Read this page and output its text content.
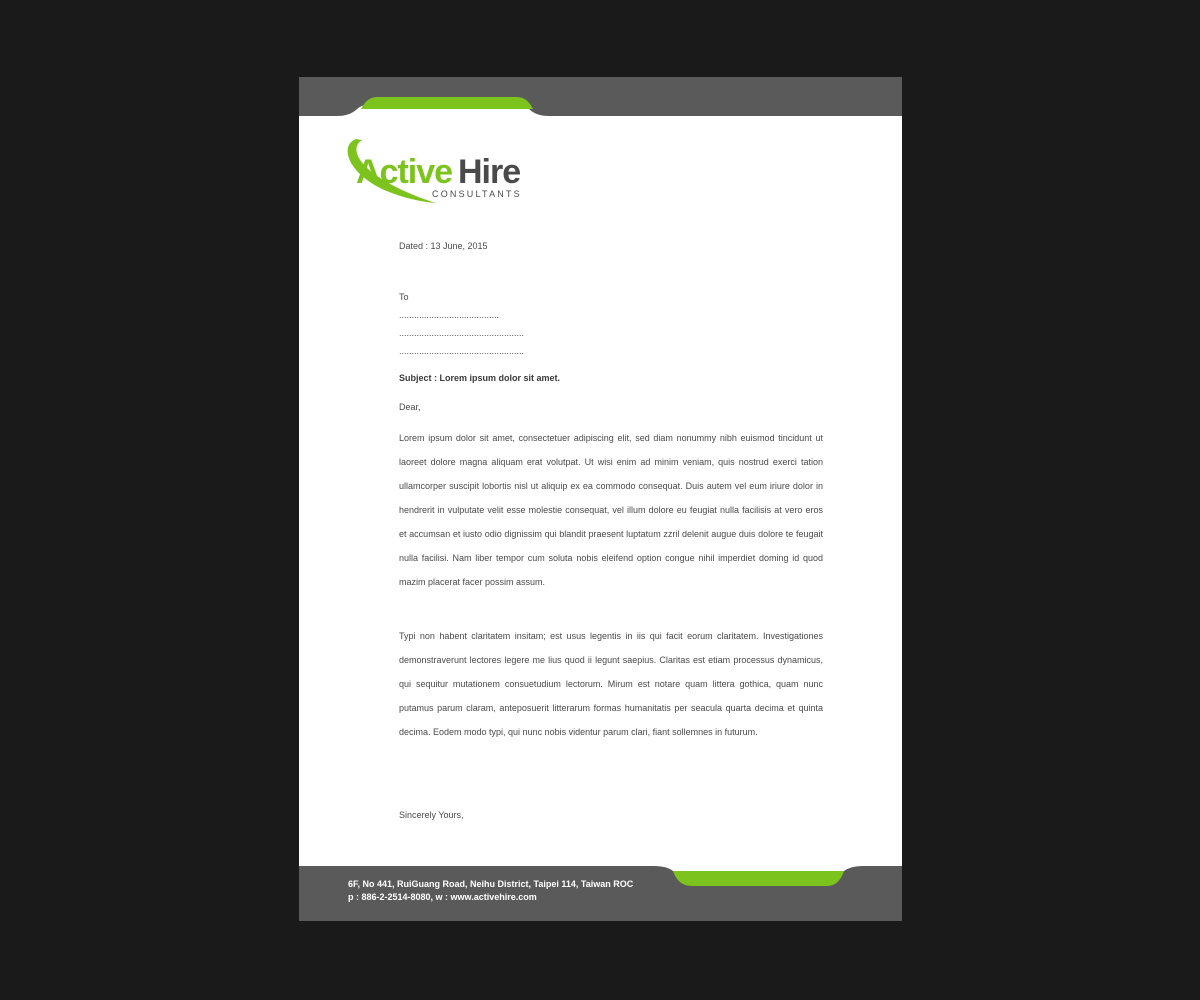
Active Hire
CONSULTANTS
Dated : 13 June, 2015
To
........................................
..................................................
..................................................
Subject : Lorem ipsum dolor sit amet.
Dear,

Lorem ipsum dolor sit amet, consectetuer adipiscing elit, sed diam nonummy nibh euismod tincidunt ut laoreet dolore magna aliquam erat volutpat. Ut wisi enim ad minim veniam, quis nostrud exerci tation ullamcorper suscipit lobortis nisl ut aliquip ex ea commodo consequat. Duis autem vel eum iriure dolor in hendrerit in vulputate velit esse molestie consequat, vel illum dolore eu feugiat nulla facilisis at vero eros et accumsan et iusto odio dignissim qui blandit praesent luptatum zzril delenit augue duis dolore te feugait nulla facilisi. Nam liber tempor cum soluta nobis eleifend option congue nihil imperdiet doming id quod mazim placerat facer possim assum.

Typi non habent claritatem insitam; est usus legentis in iis qui facit eorum claritatem. Investigationes demonstraverunt lectores legere me lius quod ii legunt saepius. Claritas est etiam processus dynamicus, qui sequitur mutationem consuetudium lectorum. Mirum est notare quam littera gothica, quam nunc putamus parum claram, anteposuerit litterarum formas humanitatis per seacula quarta decima et quinta decima. Eodem modo typi, qui nunc nobis videntur parum clari, fiant sollemnes in futurum.

Sincerely Yours,
6F, No 441, RuiGuang Road, Neihu District, Taipei 114, Taiwan ROC
p : 886-2-2514-8080, w : www.activehire.com
